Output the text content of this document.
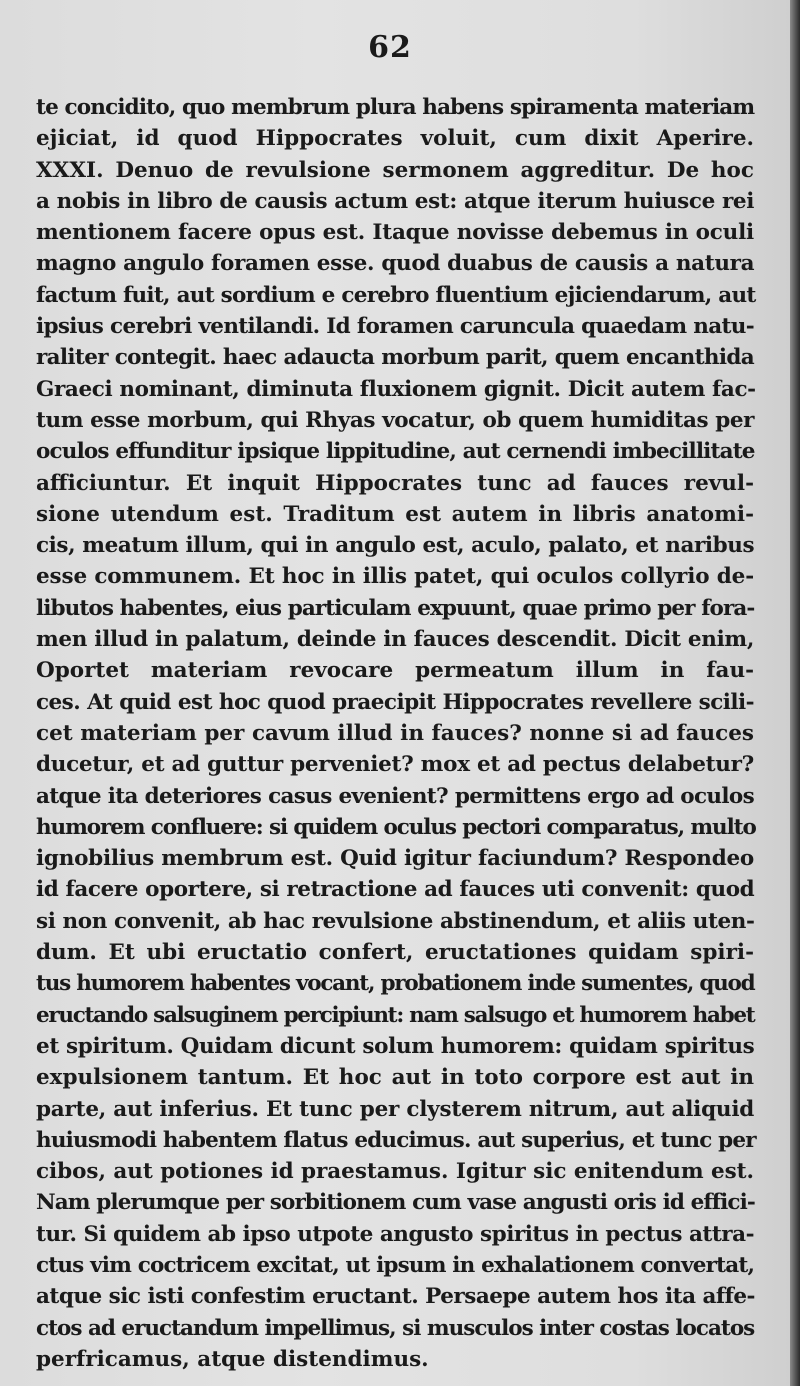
62
te concidito, quo membrum plura habens spiramenta materiam
ejiciat, id quod Hippocrates voluit, cum dixit Aperire.
XXXI. Denuo de revulsione sermonem aggreditur. De hoc
a nobis in libro de causis actum est: atque iterum huiusce rei
mentionem facere opus est. Itaque novisse debemus in oculi
magno angulo foramen esse. quod duabus de causis a natura
factum fuit, aut sordium e cerebro fluentium ejiciendarum, aut
ipsius cerebri ventilandi. Id foramen caruncula quaedam natu-
raliter contegit. haec adaucta morbum parit, quem encanthida
Graeci nominant, diminuta fluxionem gignit. Dicit autem fac-
tum esse morbum, qui Rhyas vocatur, ob quem humiditas per
oculos effunditur ipsique lippitudine, aut cernendi imbecillitate
afficiuntur. Et inquit Hippocrates tunc ad fauces revul-
sione utendum est. Traditum est autem in libris anatomi-
cis, meatum illum, qui in angulo est, aculo, palato, et naribus
esse communem. Et hoc in illis patet, qui oculos collyrio de-
libutos habentes, eius particulam expuunt, quae primo per fora-
men illud in palatum, deinde in fauces descendit. Dicit enim,
Oportet materiam revocare permeatum illum in fau-
ces. At quid est hoc quod praecipit Hippocrates revellere scili-
cet materiam per cavum illud in fauces? nonne si ad fauces
ducetur, et ad guttur perveniet? mox et ad pectus delabetur?
atque ita deteriores casus evenient? permittens ergo ad oculos
humorem confluere: si quidem oculus pectori comparatus, multo
ignobilius membrum est. Quid igitur faciundum? Respondeo
id facere oportere, si retractione ad fauces uti convenit: quod
si non convenit, ab hac revulsione abstinendum, et aliis uten-
dum. Et ubi eructatio confert, eructationes quidam spiri-
tus humorem habentes vocant, probationem inde sumentes, quod
eructando salsuginem percipiunt: nam salsugo et humorem habet
et spiritum. Quidam dicunt solum humorem: quidam spiritus
expulsionem tantum. Et hoc aut in toto corpore est aut in
parte, aut inferius. Et tunc per clysterem nitrum, aut aliquid
huiusmodi habentem flatus educimus. aut superius, et tunc per
cibos, aut potiones id praestamus. Igitur sic enitendum est.
Nam plerumque per sorbitionem cum vase angusti oris id effici-
tur. Si quidem ab ipso utpote angusto spiritus in pectus attra-
ctus vim coctricem excitat, ut ipsum in exhalationem convertat,
atque sic isti confestim eructant. Persaepe autem hos ita affe-
ctos ad eructandum impellimus, si musculos inter costas locatos
perfricamus, atque distendimus.
